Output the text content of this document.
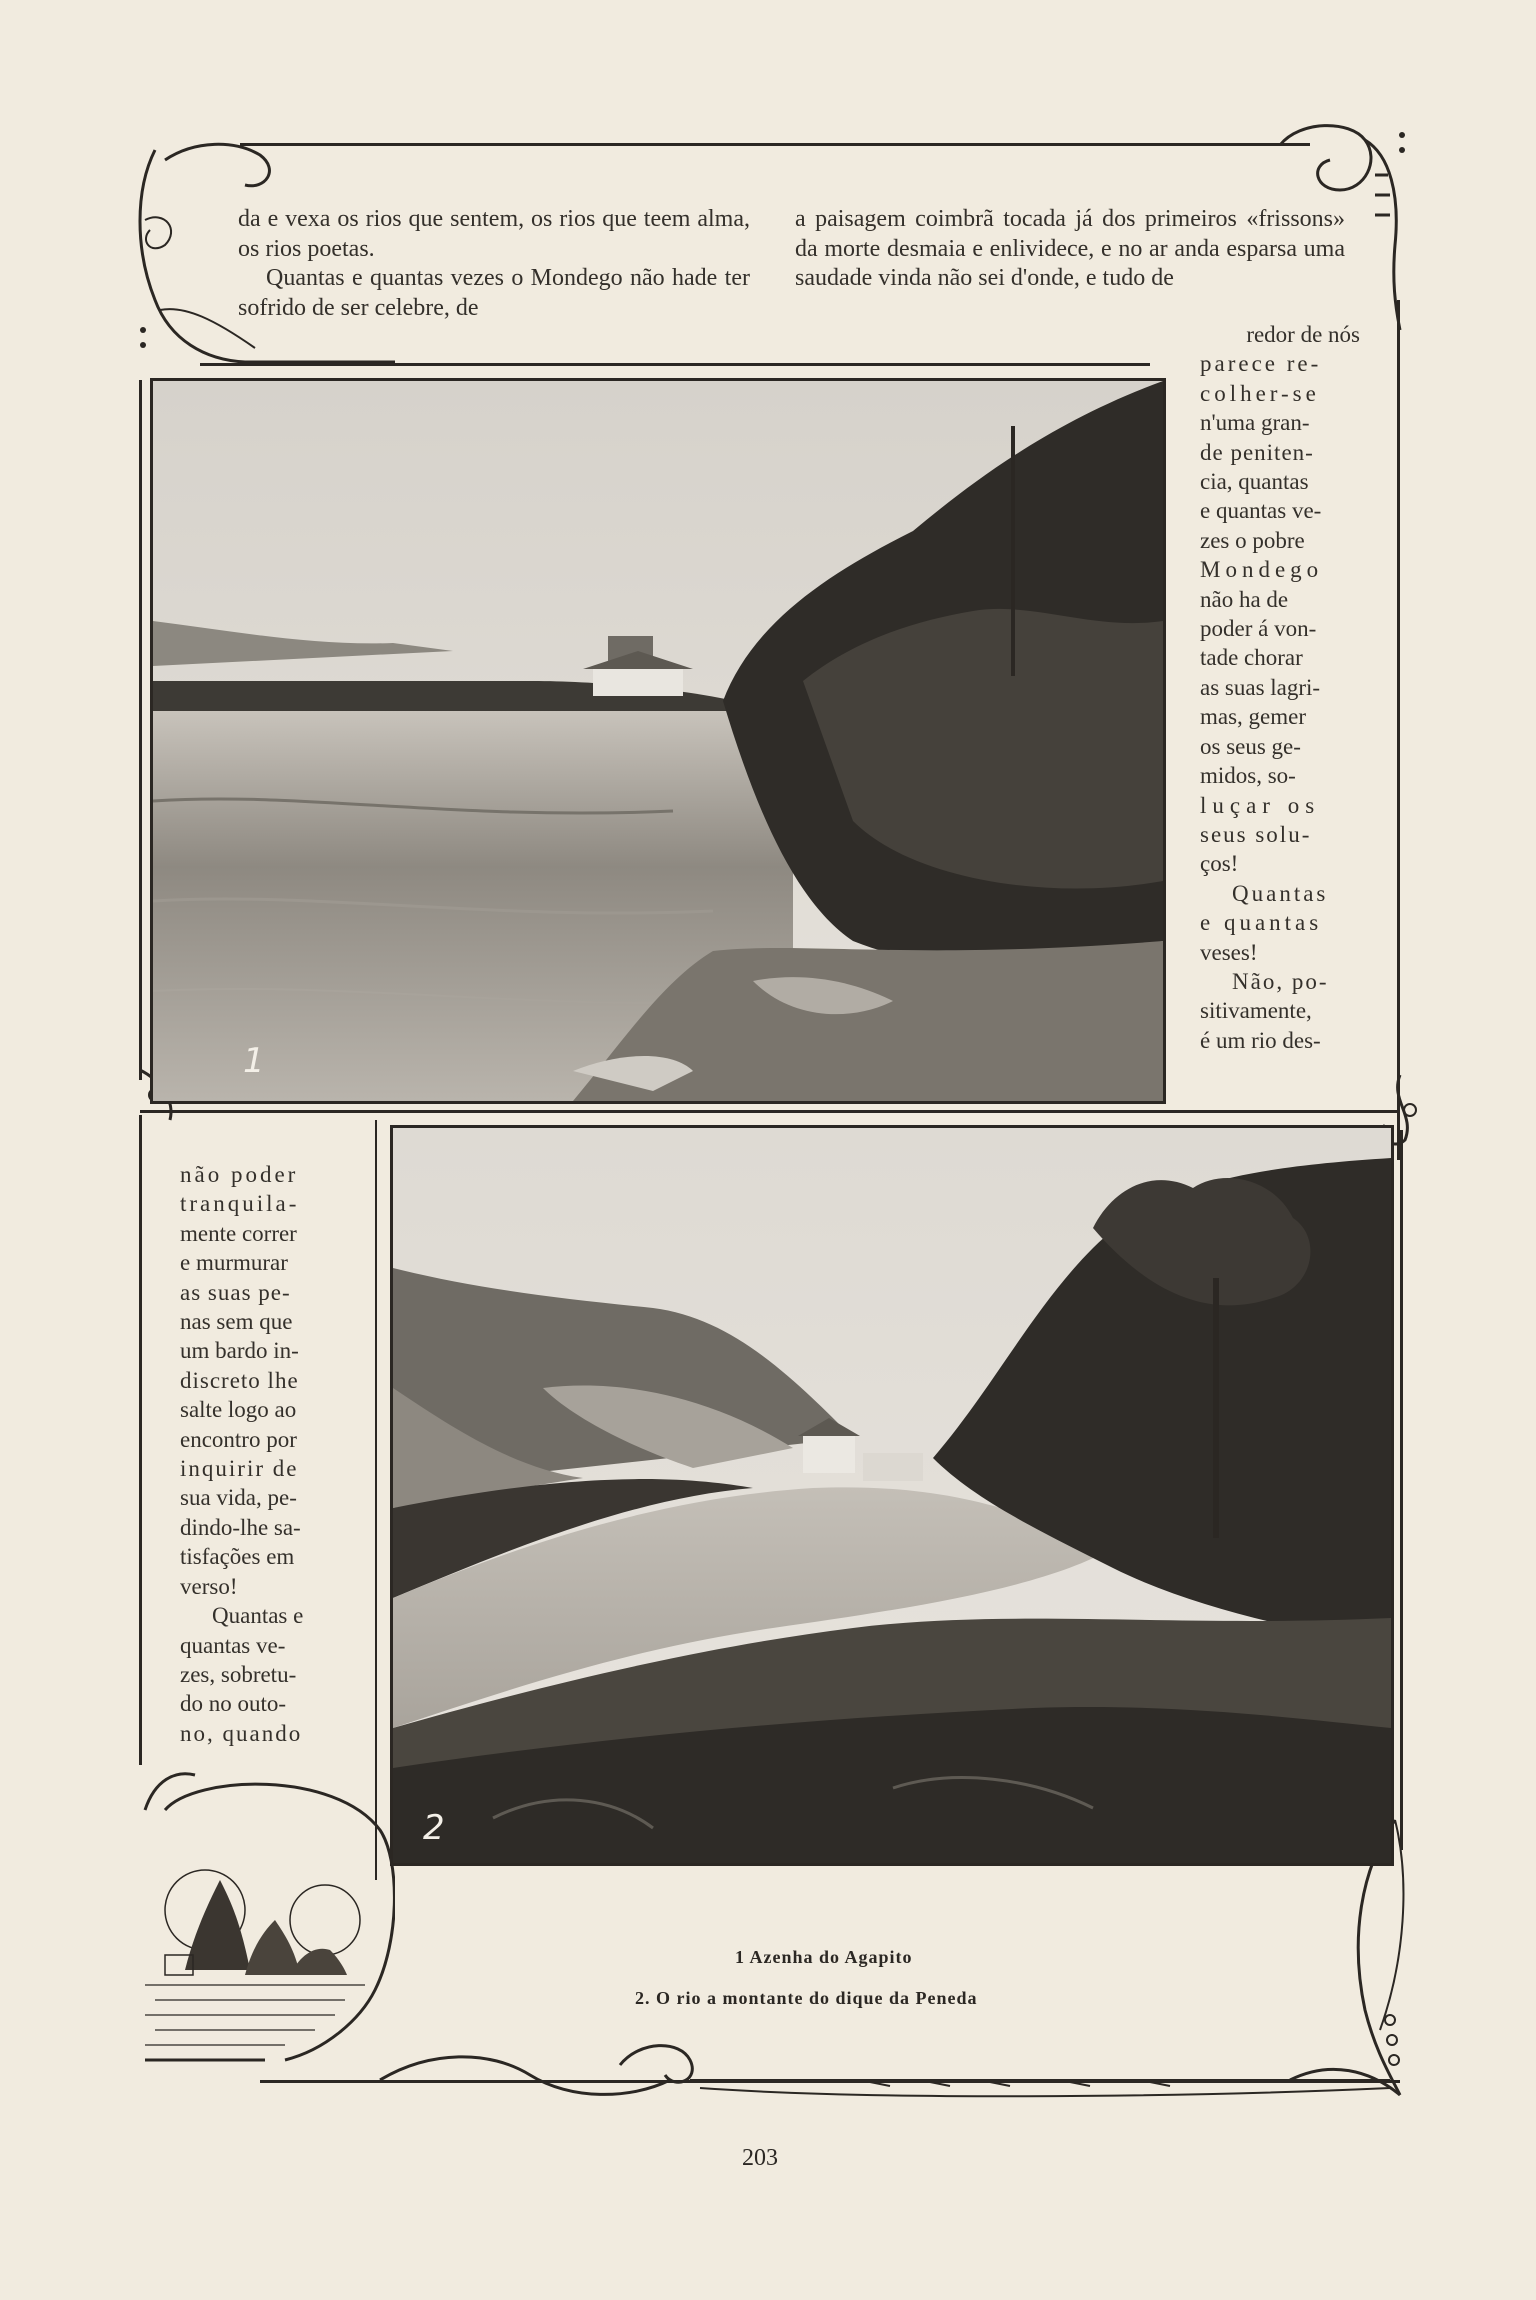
da e vexa os rios que sentem, os rios que teem alma, os rios poetas.

Quantas e quantas vezes o Mondego não hade ter sofrido de ser celebre, de

a paisagem coimbrã tocada já dos primeiros «frissons» da morte desmaia e enlividece, e no ar anda esparsa uma saudade vinda não sei d'onde, e tudo de

redor de nós
parece re-
colher-se
n'uma gran-
de peniten-
cia, quantas
e quantas ve-
zes o pobre
Mondego
não ha de
poder á von-
tade chorar
as suas lagri-
mas, gemer
os seus ge-
midos, so-
luçar os
seus solu-
ços!
Quantas
e quantas
veses!
Não, po-
sitivamente,
é um rio des-
1
não poder
tranquila-
mente correr
e murmurar
as suas pe-
nas sem que
um bardo in-
discreto lhe
salte logo ao
encontro por
inquirir de
sua vida, pe-
dindo-lhe sa-
tisfações em
verso!
Quantas e
quantas ve-
zes, sobretu-
do no outo-
no, quando
2
1 Azenha do Agapito
2. O rio a montante do dique da Peneda
203
